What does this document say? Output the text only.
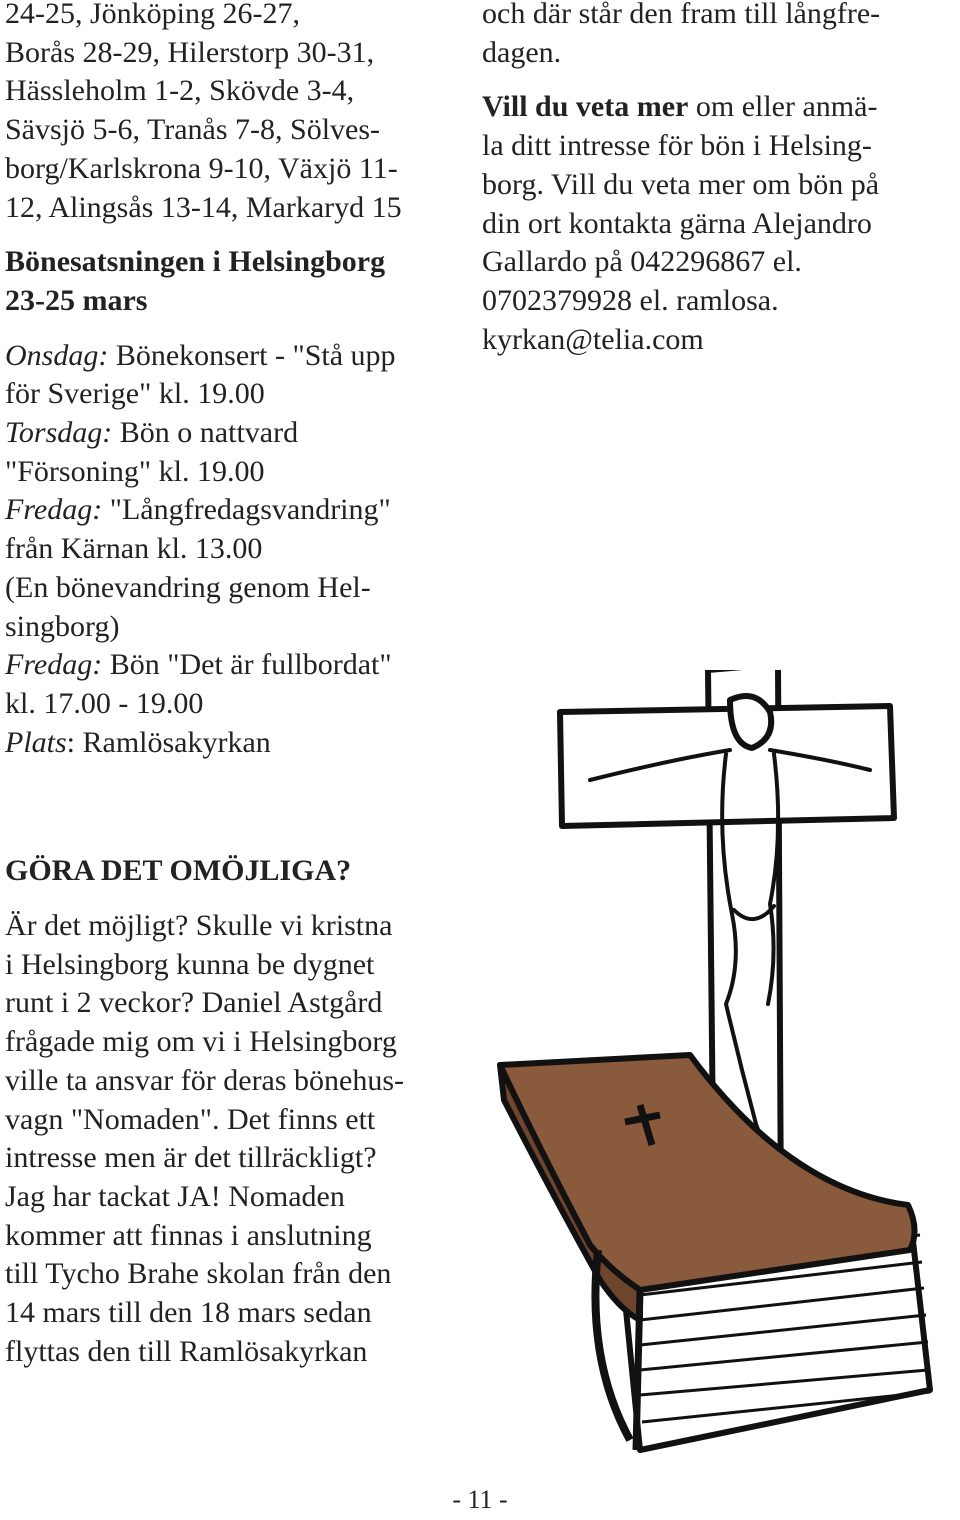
24-25, Jönköping 26-27,
Borås 28-29, Hilerstorp 30-31,
Hässleholm 1-2, Skövde 3-4,
Sävsjö 5-6, Tranås 7-8, Sölves-
borg/Karlskrona 9-10, Växjö 11-
12, Alingsås 13-14, Markaryd 15
Bönesatsningen i Helsingborg
23-25 mars
Onsdag: Bönekonsert - "Stå upp
för Sverige" kl. 19.00
Torsdag: Bön o nattvard
"Försoning" kl. 19.00
Fredag: "Långfredagsvandring"
från Kärnan kl. 13.00
(En bönevandring genom Hel-
singborg)
Fredag: Bön "Det är fullbordat"
kl. 17.00 - 19.00
Plats: Ramlösakyrkan
GÖRA DET OMÖJLIGA?
Är det möjligt? Skulle vi kristna
i Helsingborg kunna be dygnet
runt i 2 veckor? Daniel Astgård
frågade mig om vi i Helsingborg
ville ta ansvar för deras bönehus-
vagn "Nomaden". Det finns ett
intresse men är det tillräckligt?
Jag har tackat JA! Nomaden
kommer att finnas i anslutning
till Tycho Brahe skolan från den
14 mars till den 18 mars sedan
flyttas den till Ramlösakyrkan
och där står den fram till långfre-
dagen.
Vill du veta mer om eller anmä-
la ditt intresse för bön i Helsing-
borg. Vill du veta mer om bön på
din ort kontakta gärna Alejandro
Gallardo på 042296867 el.
0702379928 el. ramlosa.
kyrkan@telia.com
- 11 -
